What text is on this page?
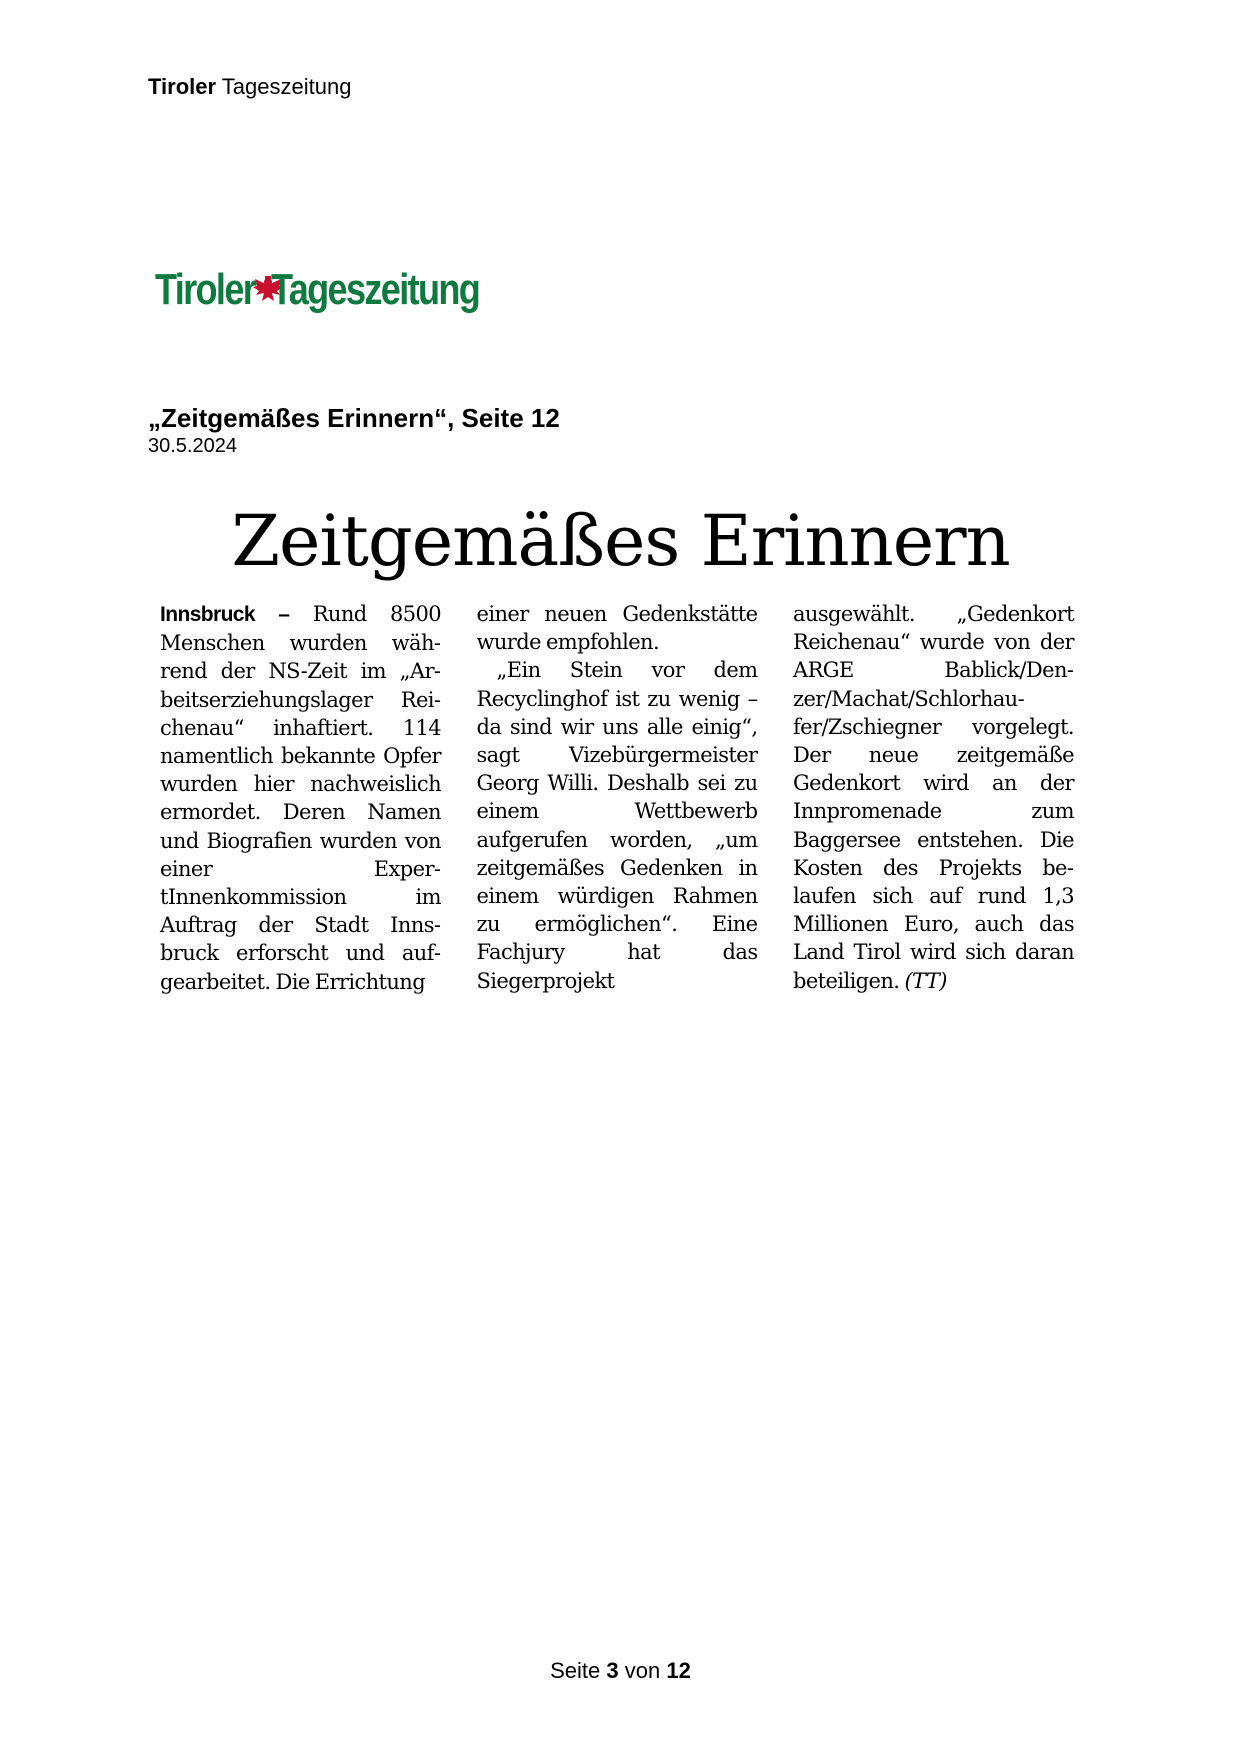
Tiroler Tageszeitung
Tiroler Tageszeitung
„Zeitgemäßes Erinnern“, Seite 12
30.5.2024
Zeitgemäßes Erinnern

Innsbruck – Rund 8500 Menschen wurden während der NS-Zeit im „Arbeitserziehungslager Reichenau“ inhaftiert. 114 namentlich bekannte Opfer wurden hier nachweislich ermordet. Deren Namen und Biografien wurden von einer ExpertInnenkommission im Auftrag der Stadt Innsbruck erforscht und aufgearbeitet. Die Errichtung

einer neuen Gedenkstätte wurde empfohlen.

„Ein Stein vor dem Recyclinghof ist zu wenig – da sind wir uns alle einig“, sagt Vizebürgermeister Georg Willi. Deshalb sei zu einem Wettbewerb aufgerufen worden, „um zeitgemäßes Gedenken in einem würdigen Rahmen zu ermöglichen“. Eine Fachjury hat das Siegerprojekt

ausgewählt. „Gedenkort Reichenau“ wurde von der ARGE Bablick/Denzer/Machat/Schlorhaufer/Zschiegner vorgelegt. Der neue zeitgemäße Gedenkort wird an der Innpromenade zum Baggersee entstehen. Die Kosten des Projekts belaufen sich auf rund 1,3 Millionen Euro, auch das Land Tirol wird sich daran beteiligen. (TT)

Seite 3 von 12
